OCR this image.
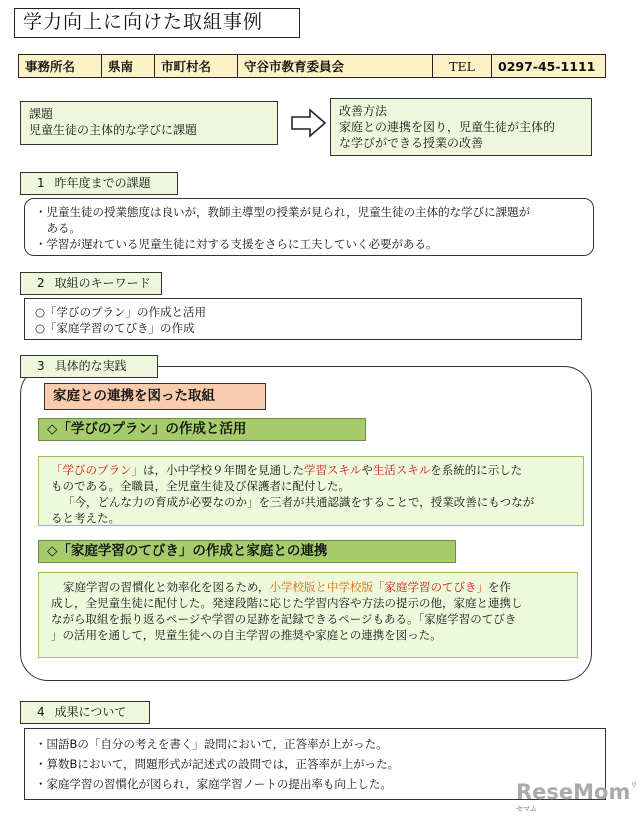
学力向上に向けた取組事例
事務所名	県南	市町村名	守谷市教育委員会	TEL	0297-45-1111
課題
児童生徒の主体的な学びに課題
改善方法
家庭との連携を図り，児童生徒が主体的
な学びができる授業の改善
1 昨年度までの課題
・児童生徒の授業態度は良いが，教師主導型の授業が見られ，児童生徒の主体的な学びに課題が
　ある。
・学習が遅れている児童生徒に対する支援をさらに工夫していく必要がある。
2 取組のキーワード
○「学びのプラン」の作成と活用
○「家庭学習のてびき」の作成
3 具体的な実践
家庭との連携を図った取組
◇「学びのプラン」の作成と活用
「学びのプラン」は，小中学校９年間を見通した学習スキルや生活スキルを系統的に示した
ものである。全職員，全児童生徒及び保護者に配付した。
「今，どんな力の育成が必要なのか」を三者が共通認識をすることで，授業改善にもつなが
ると考えた。
◇「家庭学習のてびき」の作成と家庭との連携
家庭学習の習慣化と効率化を図るため，小学校版と中学校版「家庭学習のてびき」を作
成し，全児童生徒に配付した。発達段階に応じた学習内容や方法の提示の他，家庭と連携し
ながら取組を振り返るページや学習の足跡を記録できるページもある。「家庭学習のてびき
」の活用を通して，児童生徒への自主学習の推奨や家庭との連携を図った。
4 成果について
・国語Bの「自分の考えを書く」設問において，正答率が上がった。
・算数Bにおいて，問題形式が記述式の設問では，正答率が上がった。
・家庭学習の習慣化が図られ，家庭学習ノートの提出率も向上した。	ReseMom$^{リセマム}$
